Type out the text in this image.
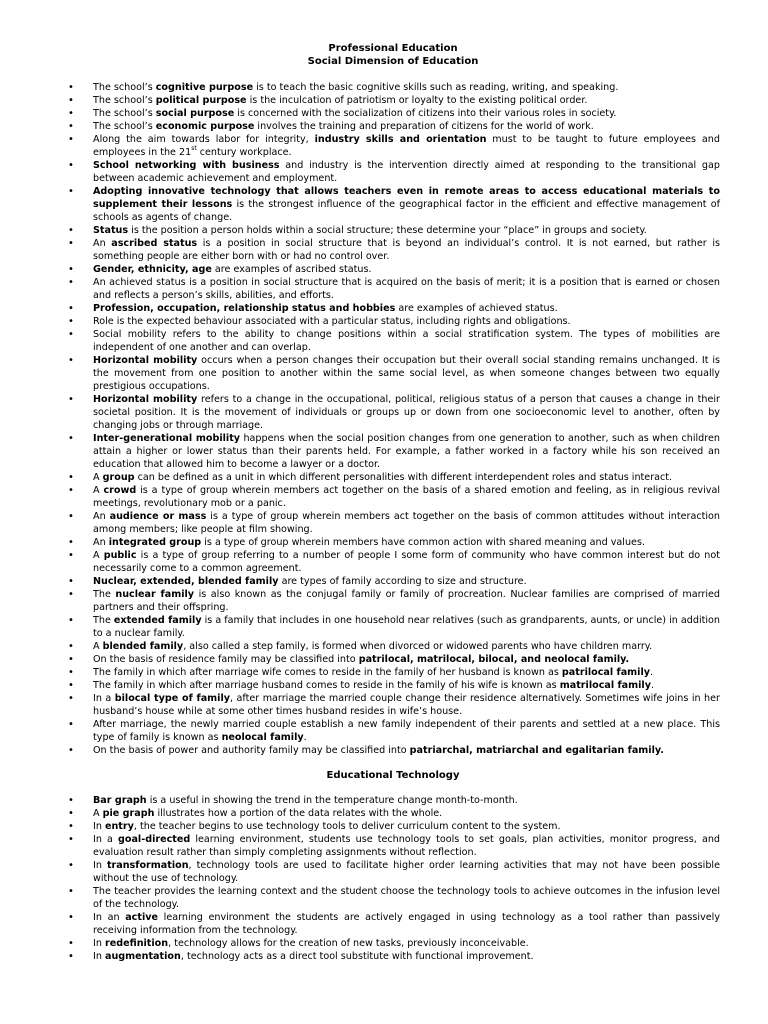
Professional Education

Social Dimension of Education

• The school’s cognitive purpose is to teach the basic cognitive skills such as reading, writing, and speaking.
• The school’s political purpose is the inculcation of patriotism or loyalty to the existing political order.
• The school’s social purpose is concerned with the socialization of citizens into their various roles in society.
• The school’s economic purpose involves the training and preparation of citizens for the world of work.
• Along the aim towards labor for integrity, industry skills and orientation must to be taught to future employees and employees in the 21st century workplace.
• School networking with business and industry is the intervention directly aimed at responding to the transitional gap between academic achievement and employment.
• Adopting innovative technology that allows teachers even in remote areas to access educational materials to supplement their lessons is the strongest influence of the geographical factor in the efficient and effective management of schools as agents of change.
• Status is the position a person holds within a social structure; these determine your “place” in groups and society.
• An ascribed status is a position in social structure that is beyond an individual’s control. It is not earned, but rather is something people are either born with or had no control over.
• Gender, ethnicity, age are examples of ascribed status.
• An achieved status is a position in social structure that is acquired on the basis of merit; it is a position that is earned or chosen and reflects a person’s skills, abilities, and efforts.
• Profession, occupation, relationship status and hobbies are examples of achieved status.
• Role is the expected behaviour associated with a particular status, including rights and obligations.
• Social mobility refers to the ability to change positions within a social stratification system. The types of mobilities are independent of one another and can overlap.
• Horizontal mobility occurs when a person changes their occupation but their overall social standing remains unchanged. It is the movement from one position to another within the same social level, as when someone changes between two equally prestigious occupations.
• Horizontal mobility refers to a change in the occupational, political, religious status of a person that causes a change in their societal position. It is the movement of individuals or groups up or down from one socioeconomic level to another, often by changing jobs or through marriage.
• Inter-generational mobility happens when the social position changes from one generation to another, such as when children attain a higher or lower status than their parents held. For example, a father worked in a factory while his son received an education that allowed him to become a lawyer or a doctor.
• A group can be defined as a unit in which different personalities with different interdependent roles and status interact.
• A crowd is a type of group wherein members act together on the basis of a shared emotion and feeling, as in religious revival meetings, revolutionary mob or a panic.
• An audience or mass is a type of group wherein members act together on the basis of common attitudes without interaction among members; like people at film showing.
• An integrated group is a type of group wherein members have common action with shared meaning and values.
• A public is a type of group referring to a number of people I some form of community who have common interest but do not necessarily come to a common agreement.
• Nuclear, extended, blended family are types of family according to size and structure.
• The nuclear family is also known as the conjugal family or family of procreation. Nuclear families are comprised of married partners and their offspring.
• The extended family is a family that includes in one household near relatives (such as grandparents, aunts, or uncle) in addition to a nuclear family.
• A blended family, also called a step family, is formed when divorced or widowed parents who have children marry.
• On the basis of residence family may be classified into patrilocal, matrilocal, bilocal, and neolocal family.
• The family in which after marriage wife comes to reside in the family of her husband is known as patrilocal family.
• The family in which after marriage husband comes to reside in the family of his wife is known as matrilocal family.
• In a bilocal type of family, after marriage the married couple change their residence alternatively. Sometimes wife joins in her husband’s house while at some other times husband resides in wife’s house.
• After marriage, the newly married couple establish a new family independent of their parents and settled at a new place. This type of family is known as neolocal family.
• On the basis of power and authority family may be classified into patriarchal, matriarchal and egalitarian family.

Educational Technology

• Bar graph is a useful in showing the trend in the temperature change month-to-month.
• A pie graph illustrates how a portion of the data relates with the whole.
• In entry, the teacher begins to use technology tools to deliver curriculum content to the system.
• In a goal-directed learning environment, students use technology tools to set goals, plan activities, monitor progress, and evaluation result rather than simply completing assignments without reflection.
• In transformation, technology tools are used to facilitate higher order learning activities that may not have been possible without the use of technology.
• The teacher provides the learning context and the student choose the technology tools to achieve outcomes in the infusion level of the technology.
• In an active learning environment the students are actively engaged in using technology as a tool rather than passively receiving information from the technology.
• In redefinition, technology allows for the creation of new tasks, previously inconceivable.
• In augmentation, technology acts as a direct tool substitute with functional improvement.
